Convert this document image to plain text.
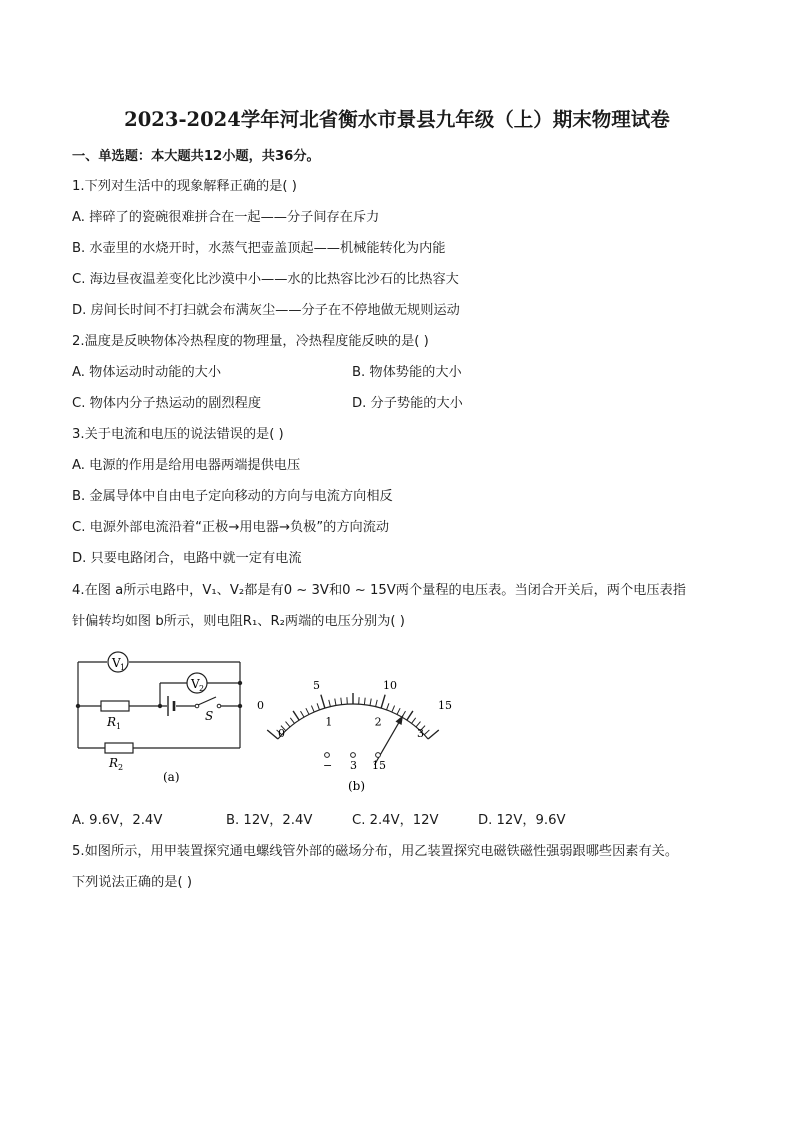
2023-2024学年河北省衡水市景县九年级（上）期末物理试卷
一、单选题：本大题共12小题，共36分。
1.下列对生活中的现象解释正确的是( )
A. 摔碎了的瓷碗很难拼合在一起——分子间存在斥力
B. 水壶里的水烧开时，水蒸气把壶盖顶起——机械能转化为内能
C. 海边昼夜温差变化比沙漠中小——水的比热容比沙石的比热容大
D. 房间长时间不打扫就会布满灰尘——分子在不停地做无规则运动
2.温度是反映物体冷热程度的物理量，冷热程度能反映的是( )
A. 物体运动时动能的大小	B. 物体势能的大小
C. 物体内分子热运动的剧烈程度	D. 分子势能的大小
3.关于电流和电压的说法错误的是( )
A. 电源的作用是给用电器两端提供电压
B. 金属导体中自由电子定向移动的方向与电流方向相反
C. 电源外部电流沿着“正极→用电器→负极”的方向流动
D. 只要电路闭合，电路中就一定有电流
4.在图 a所示电路中，V₁、V₂都是有0 ~ 3V和0 ~ 15V两个量程的电压表。当闭合开关后，两个电压表指
针偏转均如图 b所示，则电阻R₁、R₂两端的电压分别为( )
V 1
V 2
R 1
S
R 2
(a)
0
5	10
15
0
1	2
3
− 3 15
(b)
A. 9.6V，2.4V	B. 12V，2.4V	C. 2.4V，12V	D. 12V，9.6V
5.如图所示，用甲装置探究通电螺线管外部的磁场分布，用乙装置探究电磁铁磁性强弱跟哪些因素有关。
下列说法正确的是( )
